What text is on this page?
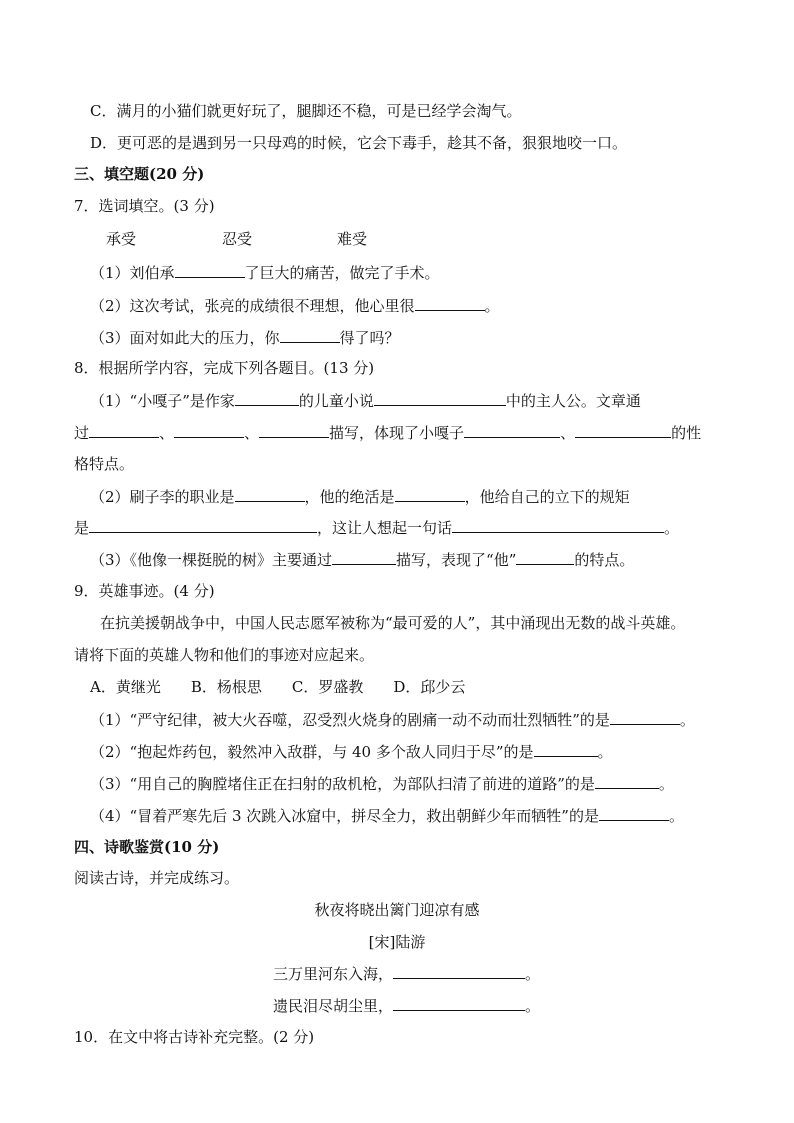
C．满月的小猫们就更好玩了，腿脚还不稳，可是已经学会淘气。
D．更可恶的是遇到另一只母鸡的时候，它会下毒手，趁其不备，狠狠地咬一口。
三、填空题(20 分)
7．选词填空。(3 分)
承受	忍受	难受
（1）刘伯承	了巨大的痛苦，做完了手术。
（2）这次考试，张亮的成绩很不理想，他心里很	。
（3）面对如此大的压力，你	得了吗？
8．根据所学内容，完成下列各题目。(13 分)
（1）“小嘎子”是作家	的儿童小说	中的主人公。文章通
过	、	、	描写，体现了小嘎子	、	的性
格特点。
（2）刷子李的职业是	，他的绝活是	，他给自己的立下的规矩
是	，这让人想起一句话	。
（3）《他像一棵挺脱的树》主要通过	描写，表现了“他”	的特点。
9．英雄事迹。(4 分)
在抗美援朝战争中，中国人民志愿军被称为“最可爱的人”，其中涌现出无数的战斗英雄。
请将下面的英雄人物和他们的事迹对应起来。
A．黄继光　　B．杨根思　　C．罗盛教　　D．邱少云
（1）“严守纪律，被大火吞噬，忍受烈火烧身的剧痛一动不动而壮烈牺牲”的是	。
（2）“抱起炸药包，毅然冲入敌群，与 40 多个敌人同归于尽”的是	。
（3）“用自己的胸膛堵住正在扫射的敌机枪，为部队扫清了前进的道路”的是	。
（4）“冒着严寒先后 3 次跳入冰窟中，拼尽全力，救出朝鲜少年而牺牲”的是	。
四、诗歌鉴赏(10 分)
阅读古诗，并完成练习。
秋夜将晓出篱门迎凉有感
[宋]陆游
三万里河东入海，	。
遗民泪尽胡尘里，	。
10．在文中将古诗补充完整。(2 分)
